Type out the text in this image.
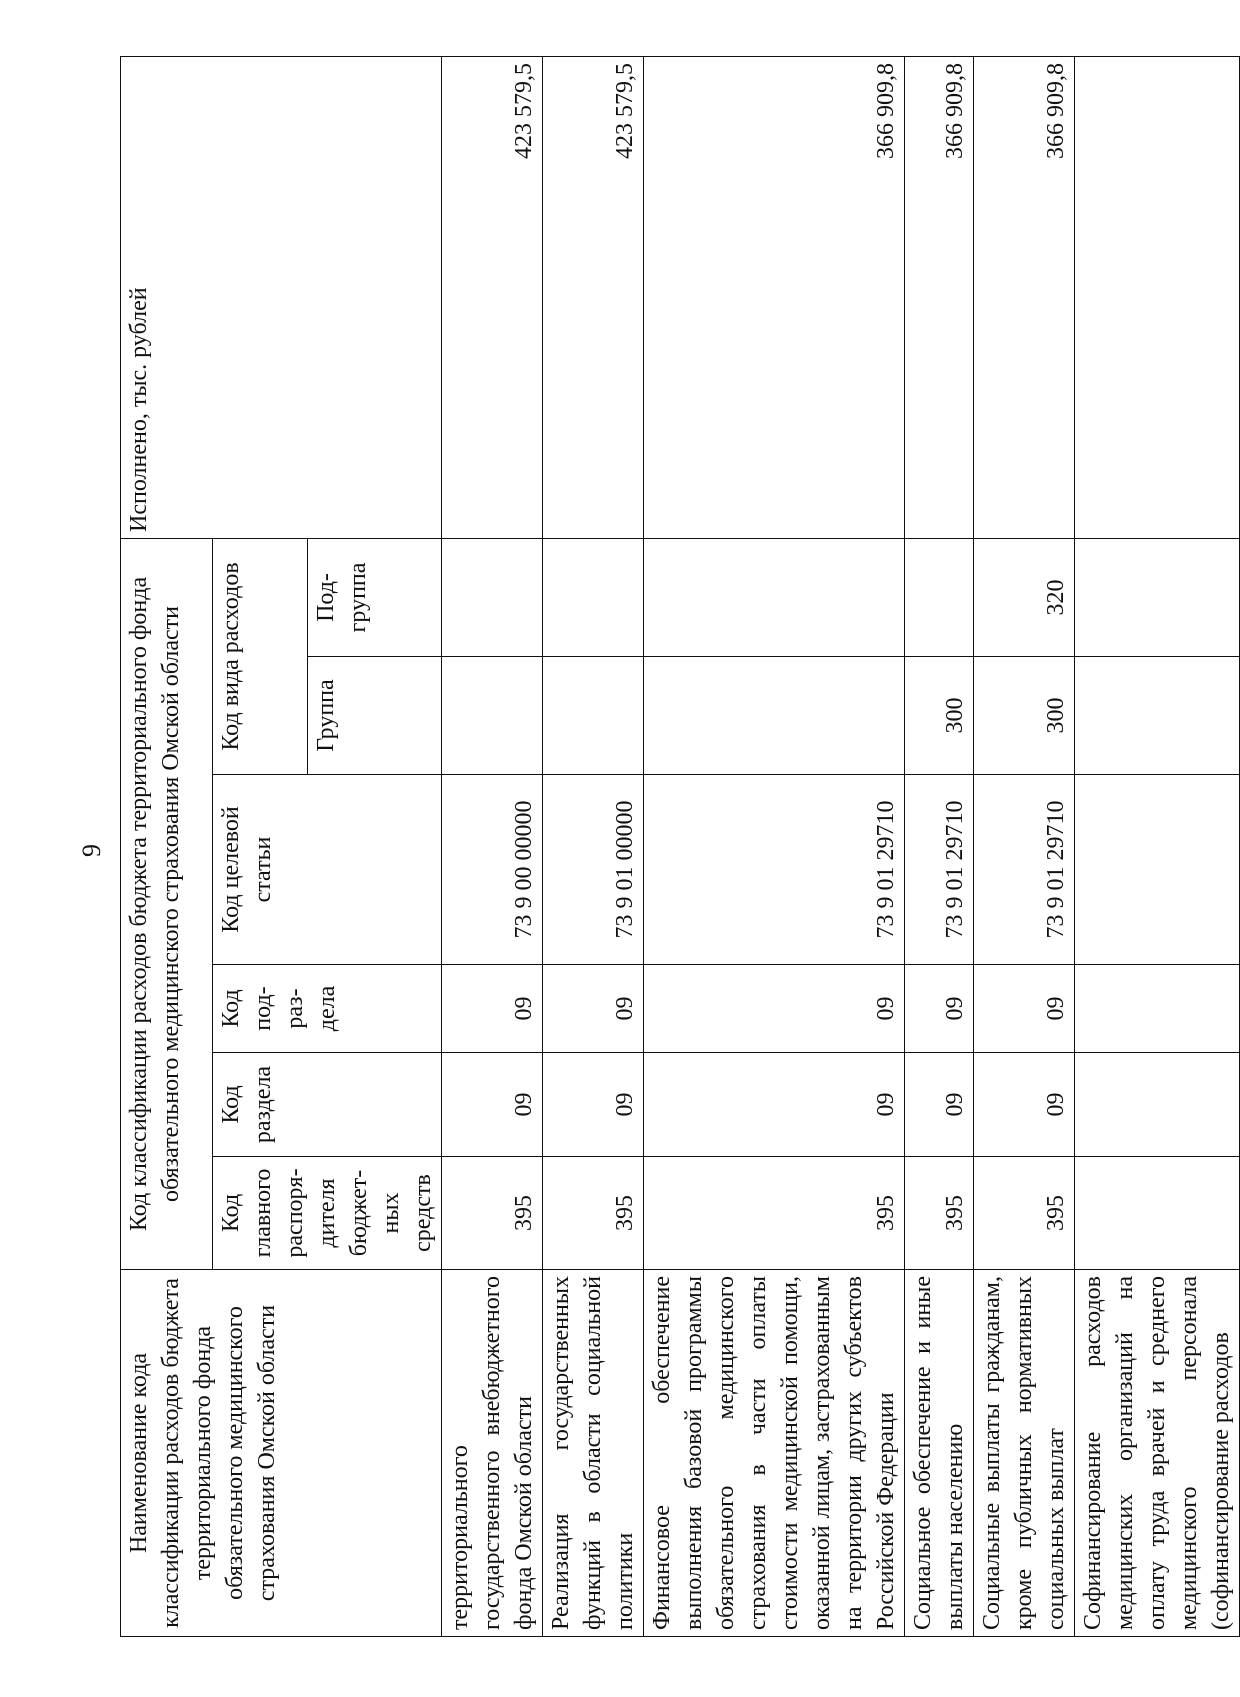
9
Наименование кода классификации расходов бюджета территориального фонда обязательного медицинского страхования Омской области	Код классификации расходов бюджета территориального фонда обязательного медицинского страхования Омской области						Исполнено, тыс. рублей
	Код главного распоря-дителя бюджет-ных средств	Код раздела	Код под-раз-дела	Код целевой статьи	Код вида расходов		
					Группа	Под-группа	
территориального государственного внебюджетного фонда Омской области	395	09	09	73 9 00 00000			423 579,5
Реализация государственных функций в области социальной политики	395	09	09	73 9 01 00000			423 579,5
Финансовое обеспечение выполнения базовой программы обязательного медицинского страхования в части оплаты стоимости медицинской помощи, оказанной лицам, застрахованным на территории других субъектов Российской Федерации	395	09	09	73 9 01 29710			366 909,8
Социальное обеспечение и иные выплаты населению	395	09	09	73 9 01 29710	300		366 909,8
Социальные выплаты гражданам, кроме публичных нормативных социальных выплат	395	09	09	73 9 01 29710	300	320	366 909,8
Софинансирование расходов медицинских организаций на оплату труда врачей и среднего медицинского персонала (софинансирование расходов							
